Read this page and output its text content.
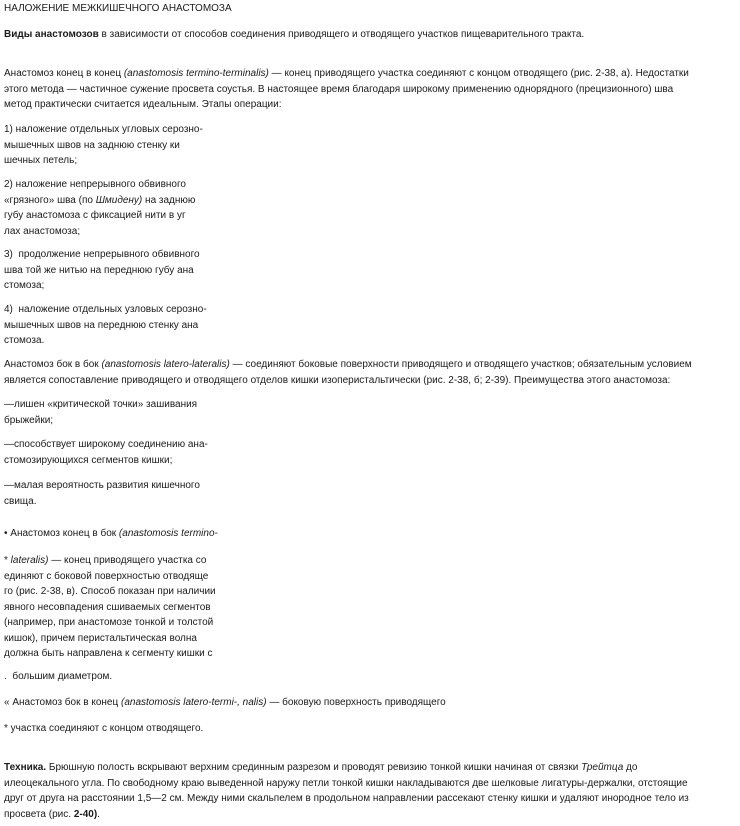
НАЛОЖЕНИЕ МЕЖКИШЕЧНОГО АНАСТОМОЗА

Виды анастомозов в зависимости от способов соединения приводящего и отводящего участков пищеварительного тракта.

Анастомоз конец в конец (anastomosis termino-terminalis) — конец приводящего участка соединяют с концом отводящего (рис. 2-38, а). Недостатки
этого метода — частичное сужение просвета соустья. В настоящее время благодаря широкому применению однорядного (прецизионного) шва
метод практически считается идеальным. Этапы операции:

1) наложение отдельных угловых серозно-
мышечных швов на заднюю стенку ки
шечных петель;

2) наложение непрерывного обвивного
«грязного» шва (по Шмидену) на заднюю
губу анастомоза с фиксацией нити в уг
лах анастомоза;

3)  продолжение непрерывного обвивного
шва той же нитью на переднюю губу ана
стомоза;

4)  наложение отдельных узловых серозно-
мышечных швов на переднюю стенку ана
стомоза.

Анастомоз бок в бок (anastomosis latero-lateralis) — соединяют боковые поверхности приводящего и отводящего участков; обязательным условием
является сопоставление приводящего и отводящего отделов кишки изоперистальтически (рис. 2-38, б; 2-39). Преимущества этого анастомоза:

—лишен «критической точки» зашивания
брыжейки;

—способствует широкому соединению ана-
стомозирующихся сегментов кишки;

—малая вероятность развития кишечного
свища.

• Анастомоз конец в бок (anastomosis termino-

* lateralis) — конец приводящего участка со
единяют с боковой поверхностью отводяще
го (рис. 2-38, в). Способ показан при наличии
явного несовпадения сшиваемых сегментов
(например, при анастомозе тонкой и толстой
кишок), причем перистальтическая волна
должна быть направлена к сегменту кишки с

.  большим диаметром.

« Анастомоз бок в конец (anastomosis latero-termi-, nalis) — боковую поверхность приводящего

* участка соединяют с концом отводящего.

Техника. Брюшную полость вскрывают верхним срединным разрезом и проводят ревизию тонкой кишки начиная от связки Трейтца до
илеоцекального угла. По свободному краю выведенной наружу петли тонкой кишки накладываются две шелковые лигатуры-держалки, отстоящие
друг от друга на расстоянии 1,5—2 см. Между ними скальпелем в продольном направлении рассекают стенку кишки и удаляют инородное тело из
просвета (рис. 2-40).
